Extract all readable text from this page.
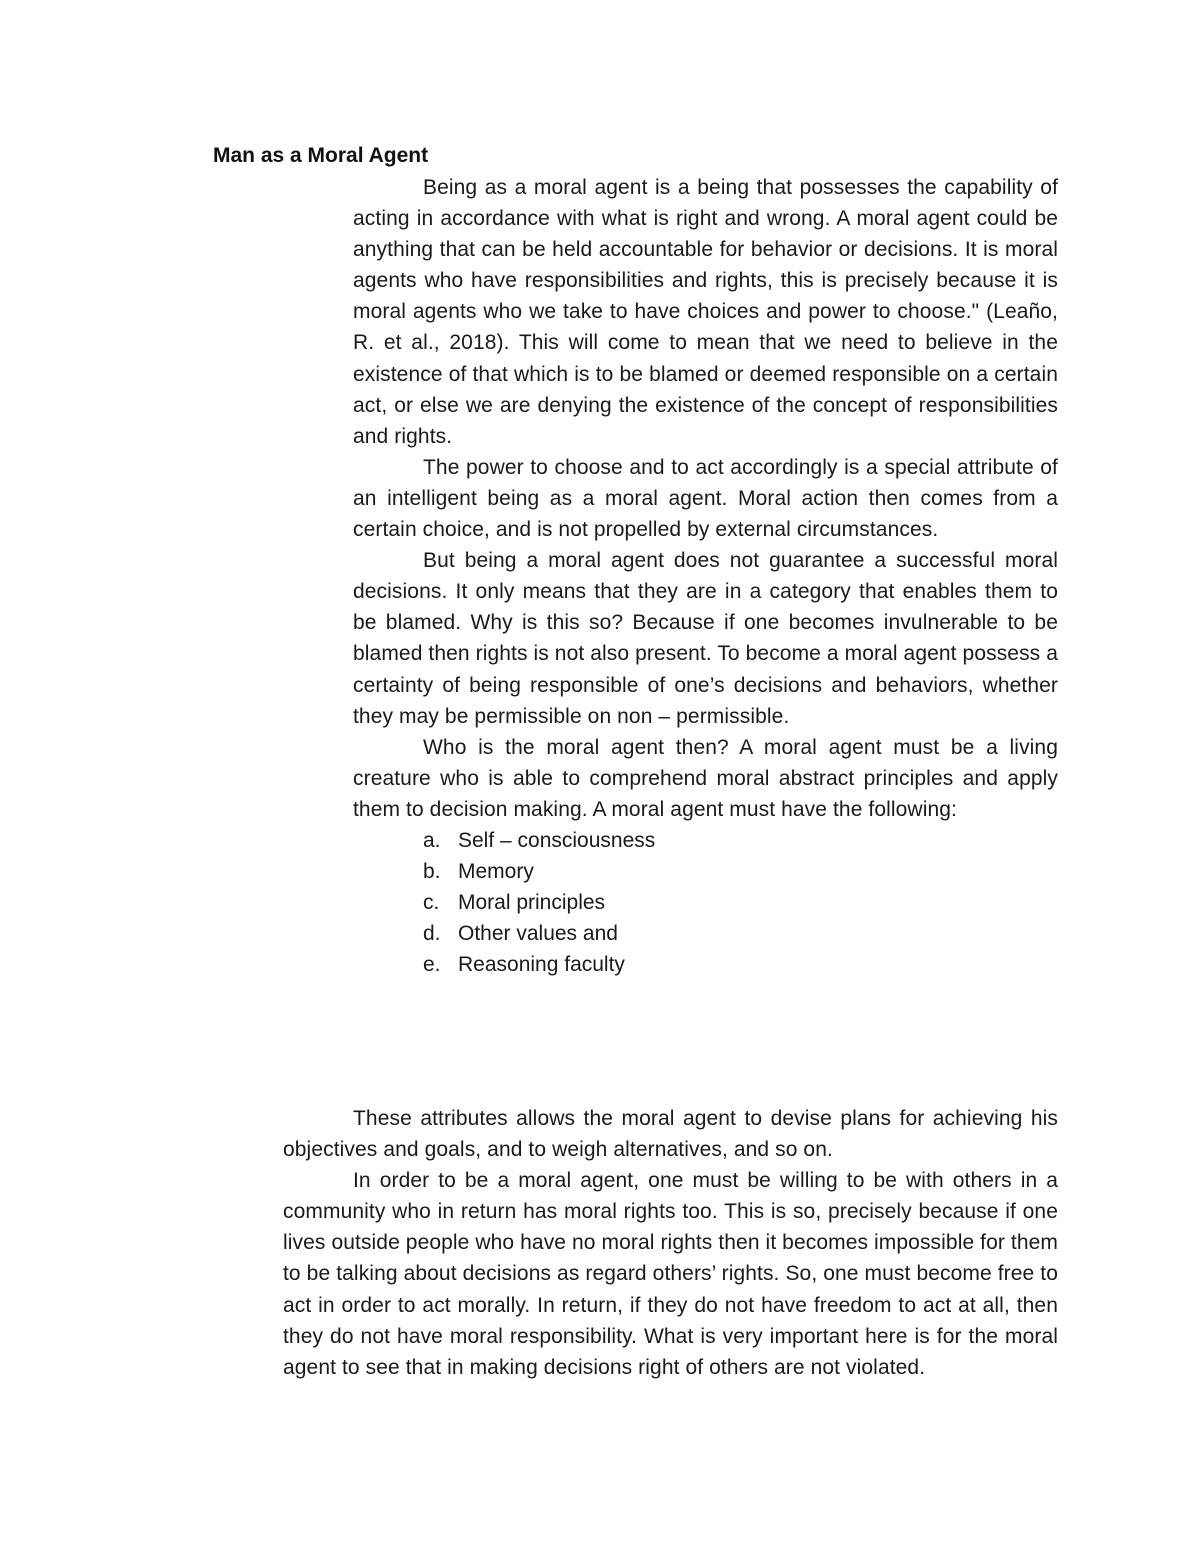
Man as a Moral Agent

Being as a moral agent is a being that possesses the capability of acting in accordance with what is right and wrong. A moral agent could be anything that can be held accountable for behavior or decisions. It is moral agents who have responsibilities and rights, this is precisely because it is moral agents who we take to have choices and power to choose." (Leaño, R. et al., 2018). This will come to mean that we need to believe in the existence of that which is to be blamed or deemed responsible on a certain act, or else we are denying the existence of the concept of responsibilities and rights.

The power to choose and to act accordingly is a special attribute of an intelligent being as a moral agent. Moral action then comes from a certain choice, and is not propelled by external circumstances.

But being a moral agent does not guarantee a successful moral decisions. It only means that they are in a category that enables them to be blamed. Why is this so? Because if one becomes invulnerable to be blamed then rights is not also present. To become a moral agent possess a certainty of being responsible of one’s decisions and behaviors, whether they may be permissible on non – permissible.

Who is the moral agent then? A moral agent must be a living creature who is able to comprehend moral abstract principles and apply them to decision making. A moral agent must have the following:

a. Self – consciousness
b. Memory
c. Moral principles
d. Other values and
e. Reasoning faculty

These attributes allows the moral agent to devise plans for achieving his objectives and goals, and to weigh alternatives, and so on.

In order to be a moral agent, one must be willing to be with others in a community who in return has moral rights too. This is so, precisely because if one lives outside people who have no moral rights then it becomes impossible for them to be talking about decisions as regard others’ rights. So, one must become free to act in order to act morally. In return, if they do not have freedom to act at all, then they do not have moral responsibility. What is very important here is for the moral agent to see that in making decisions right of others are not violated.
